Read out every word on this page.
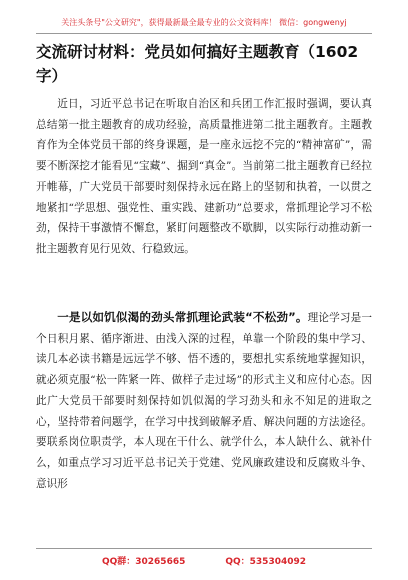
关注头条号"公文研究"，获得最新最全最专业的公文资料库！ 微信：gongwenyj
交流研讨材料：党员如何搞好主题教育（1602字）

近日，习近平总书记在听取自治区和兵团工作汇报时强调，要认真总结第一批主题教育的成功经验，高质量推进第二批主题教育。主题教育作为全体党员干部的终身课题，是一座永远挖不完的“精神富矿”，需要不断深挖才能看见“宝藏”、掘到“真金”。当前第二批主题教育已经拉开帷幕，广大党员干部要时刻保持永远在路上的坚韧和执着，一以贯之地紧扣“学思想、强党性、重实践、建新功”总要求，常抓理论学习不松劲，保持干事激情不懈怠，紧盯问题整改不歇脚，以实际行动推动新一批主题教育见行见效、行稳致远。

一是以如饥似渴的劲头常抓理论武装“不松劲”。理论学习是一个日积月累、循序渐进、由浅入深的过程，单靠一个阶段的集中学习、读几本必读书籍是远远学不够、悟不透的，要想扎实系统地掌握知识，就必须克服“松一阵紧一阵、做样子走过场”的形式主义和应付心态。因此广大党员干部要时刻保持如饥似渴的学习劲头和永不知足的进取之心，坚持带着问题学，在学习中找到破解矛盾、解决问题的方法途径。要联系岗位职责学，本人现在干什么、就学什么，本人缺什么、就补什么，如重点学习习近平总书记关于党建、党风廉政建设和反腐败斗争、意识形

QQ群：30265665	QQ：535304092
